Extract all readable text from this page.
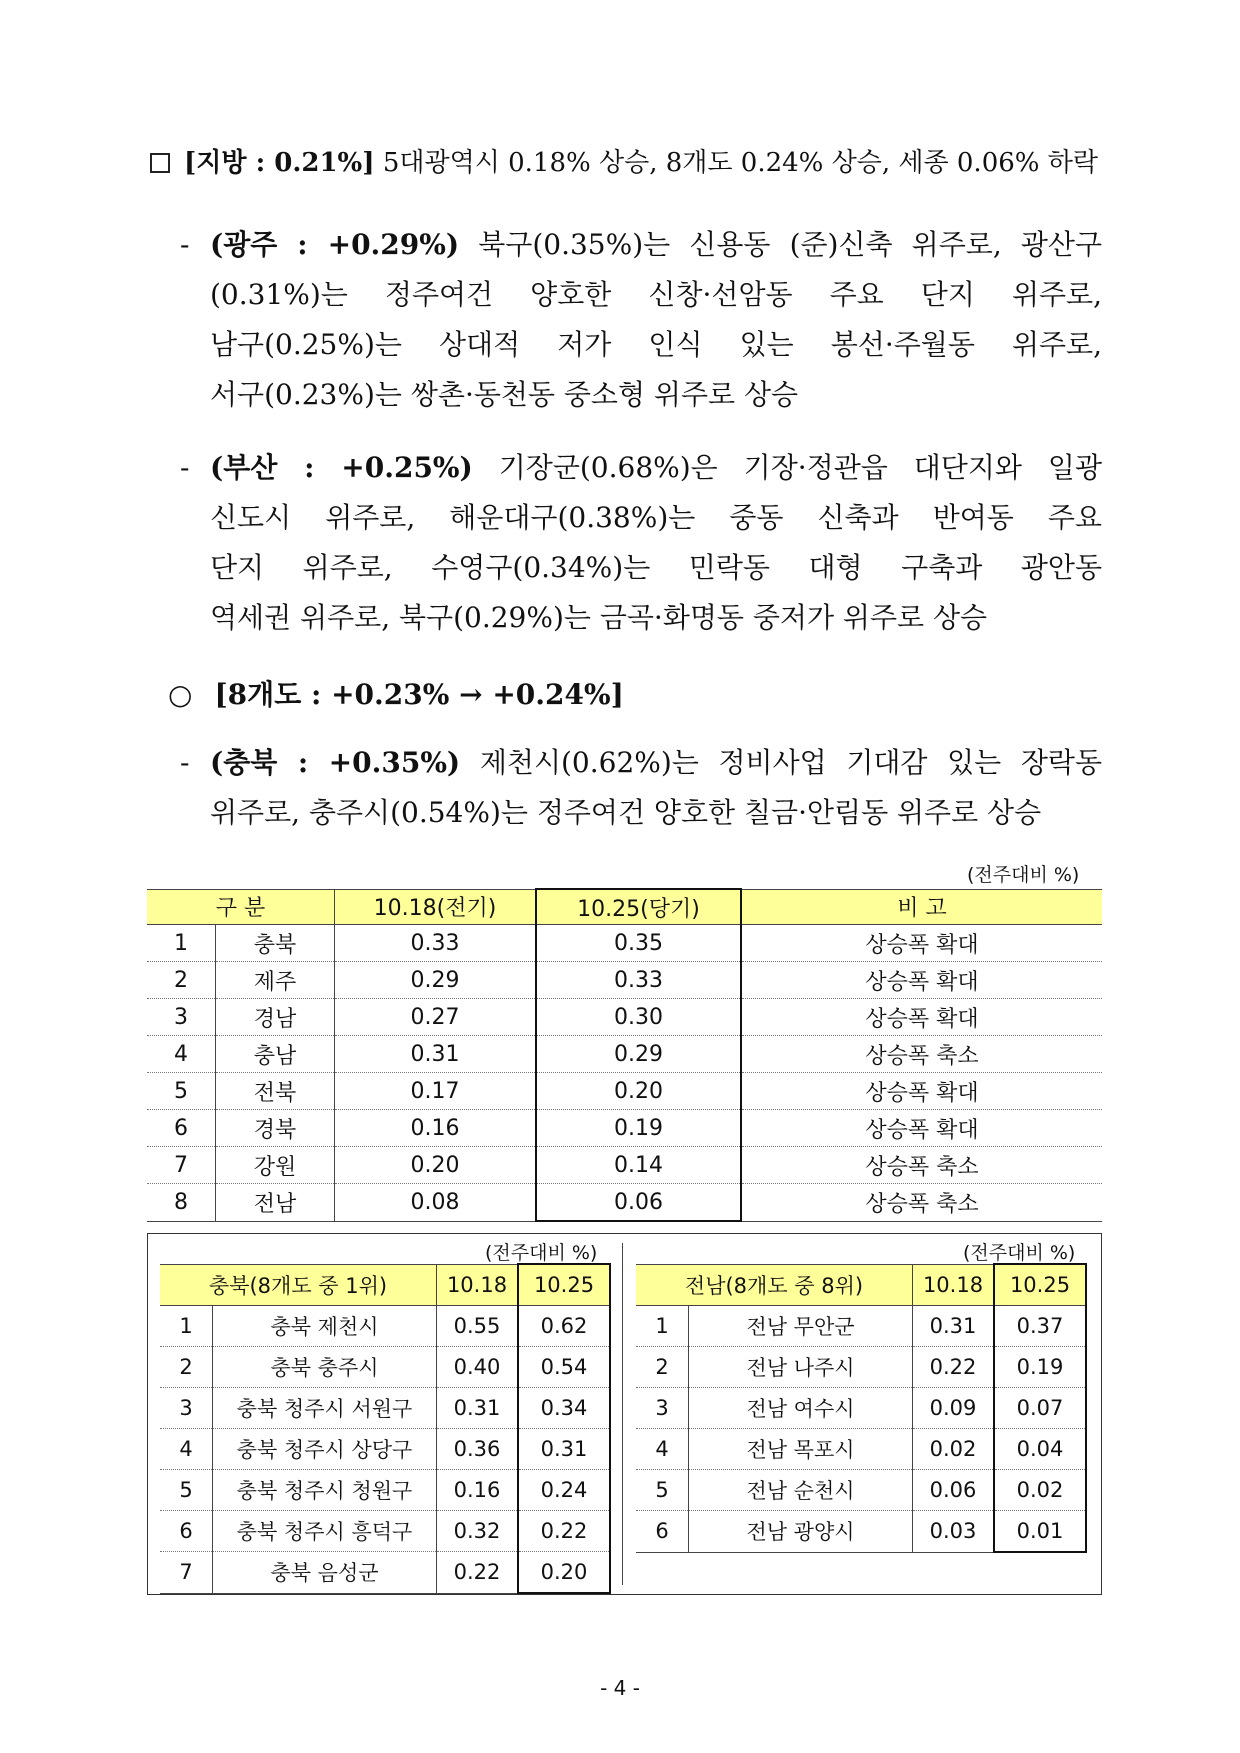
[지방 : 0.21%] 5대광역시 0.18% 상승, 8개도 0.24% 상승, 세종 0.06% 하락
- (광주 : +0.29%) 북구(0.35%)는 신용동 (준)신축 위주로, 광산구
(0.31%)는 정주여건 양호한 신창·선암동 주요 단지 위주로,
남구(0.25%)는 상대적 저가 인식 있는 봉선·주월동 위주로,
서구(0.23%)는 쌍촌·동천동 중소형 위주로 상승
- (부산 : +0.25%) 기장군(0.68%)은 기장·정관읍 대단지와 일광
신도시 위주로, 해운대구(0.38%)는 중동 신축과 반여동 주요
단지 위주로, 수영구(0.34%)는 민락동 대형 구축과 광안동
역세권 위주로, 북구(0.29%)는 금곡·화명동 중저가 위주로 상승
○ [8개도 : +0.23% → +0.24%]
- (충북 : +0.35%) 제천시(0.62%)는 정비사업 기대감 있는 장락동
위주로, 충주시(0.54%)는 정주여건 양호한 칠금·안림동 위주로 상승
(전주대비 %)
구 분		10.18(전기)	10.25(당기)	비 고
1	충북	0.33	0.35	상승폭 확대
2	제주	0.29	0.33	상승폭 확대
3	경남	0.27	0.30	상승폭 확대
4	충남	0.31	0.29	상승폭 축소
5	전북	0.17	0.20	상승폭 확대
6	경북	0.16	0.19	상승폭 확대
7	강원	0.20	0.14	상승폭 축소
8	전남	0.08	0.06	상승폭 축소
(전주대비 %)
충북(8개도 중 1위)		10.18	10.25
1	충북 제천시	0.55	0.62
2	충북 충주시	0.40	0.54
3	충북 청주시 서원구	0.31	0.34
4	충북 청주시 상당구	0.36	0.31
5	충북 청주시 청원구	0.16	0.24
6	충북 청주시 흥덕구	0.32	0.22
7	충북 음성군	0.22	0.20
(전주대비 %)
전남(8개도 중 8위)		10.18	10.25
1	전남 무안군	0.31	0.37
2	전남 나주시	0.22	0.19
3	전남 여수시	0.09	0.07
4	전남 목포시	0.02	0.04
5	전남 순천시	0.06	0.02
6	전남 광양시	0.03	0.01
- 4 -
